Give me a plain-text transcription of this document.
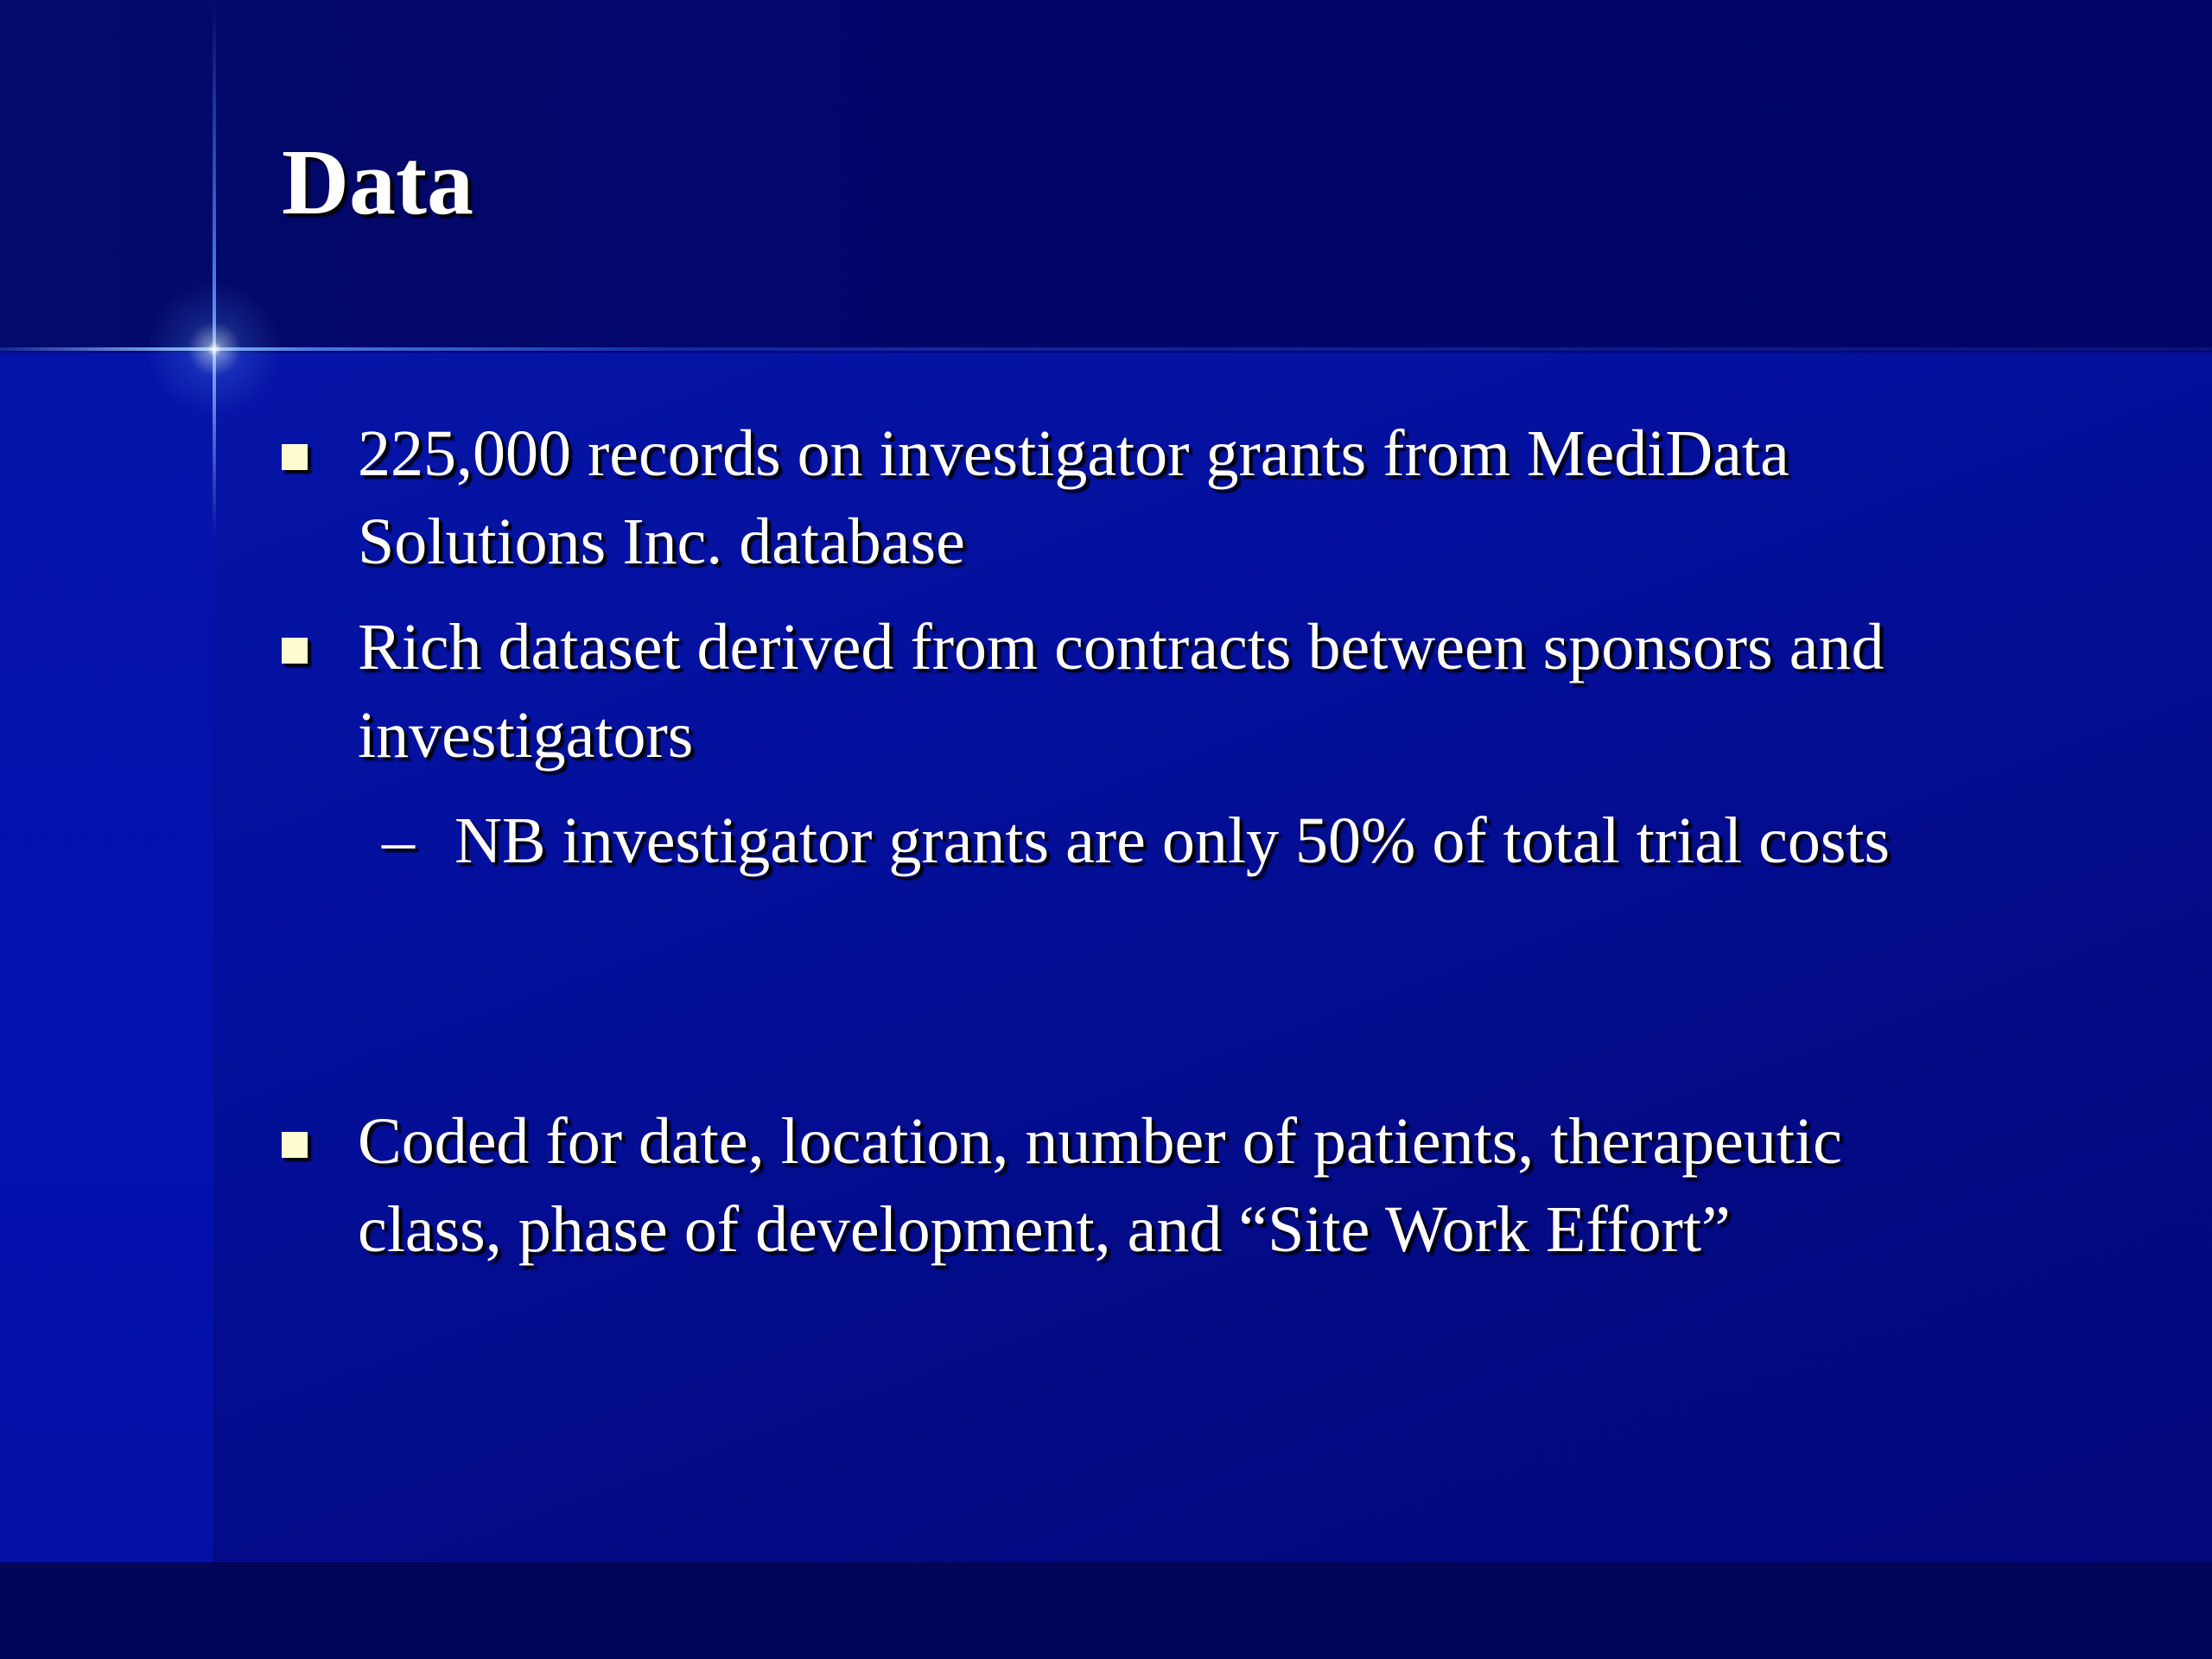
Data
225,000 records on investigator grants from MediData Solutions Inc. database
Rich dataset derived from contracts between sponsors and investigators
– NB investigator grants are only 50% of total trial costs
Coded for date, location, number of patients, therapeutic class, phase of development, and “Site Work Effort”
